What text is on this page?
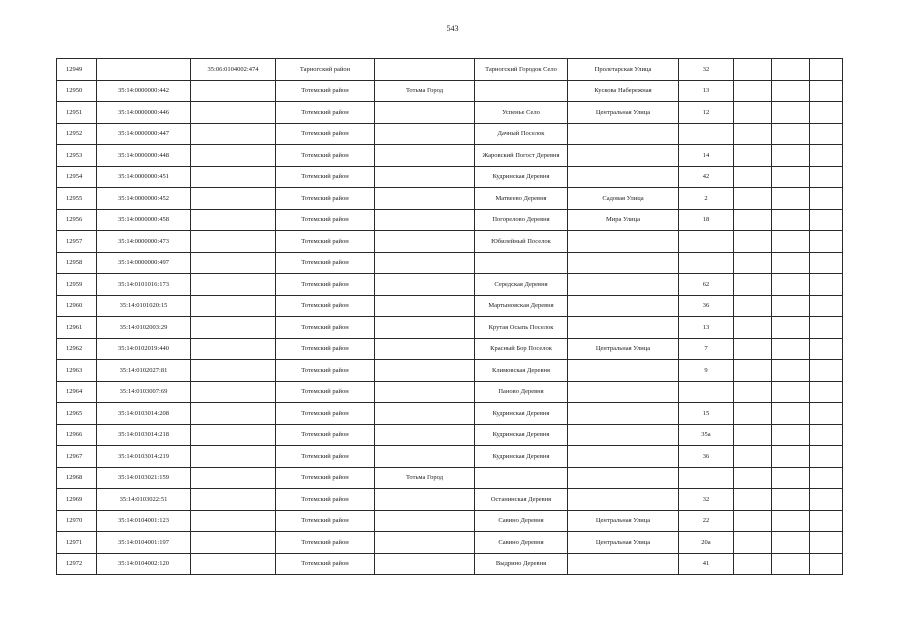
543
12949		35:06:0104002:474	Тарногский район		Тарногский Городок Село	Пролетарская Улица	32			
12950	35:14:0000000:442		Тотемский район	Тотьма Город		Кускова Набережная	13			
12951	35:14:0000000:446		Тотемский район		Успенье Село	Центральная Улица	12			
12952	35:14:0000000:447		Тотемский район		Дачный Поселок					
12953	35:14:0000000:448		Тотемский район		Жаровский Погост Деревня		14			
12954	35:14:0000000:451		Тотемский район		Кудринская Деревня		42			
12955	35:14:0000000:452		Тотемский район		Матвеево Деревня	Садовая Улица	2			
12956	35:14:0000000:458		Тотемский район		Погорелово Деревня	Мира Улица	18			
12957	35:14:0000000:473		Тотемский район		Юбилейный Поселок					
12958	35:14:0000000:497		Тотемский район							
12959	35:14:0101016:173		Тотемский район		Середская Деревня		62			
12960	35:14:0101020:15		Тотемский район		Мартыновская Деревня		36			
12961	35:14:0102003:29		Тотемский район		Крутая Осыпь Поселок		13			
12962	35:14:0102019:440		Тотемский район		Красный Бор Поселок	Центральная Улица	7			
12963	35:14:0102027:81		Тотемский район		Климовская Деревня		9			
12964	35:14:0103007:69		Тотемский район		Паново Деревня					
12965	35:14:0103014:208		Тотемский район		Кудринская Деревня		15			
12966	35:14:0103014:218		Тотемский район		Кудринская Деревня		35а			
12967	35:14:0103014:219		Тотемский район		Кудринская Деревня		36			
12968	35:14:0103021:159		Тотемский район	Тотьма Город						
12969	35:14:0103022:51		Тотемский район		Останинская Деревня		32			
12970	35:14:0104001:123		Тотемский район		Савино Деревня	Центральная Улица	22			
12971	35:14:0104001:197		Тотемский район		Савино Деревня	Центральная Улица	20а			
12972	35:14:0104002:120		Тотемский район		Выдрино Деревня		41			
